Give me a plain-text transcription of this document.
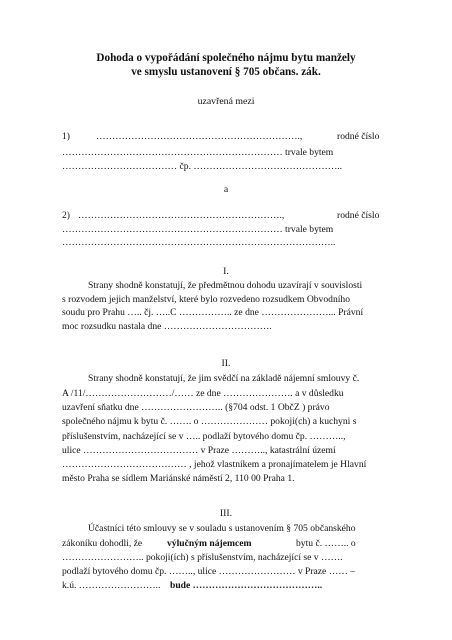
Dohoda o vypořádání společného nájmu bytu manžely
ve smyslu ustanovení § 705 občans. zák.
uzavřená mezi
1)	……………………………………………………….,	rodné číslo
…………………………………………………………… trvale bytem
……………………………… čp. ………………………………………..
a
2) ……………………………………………………….,	rodné číslo
…………………………………………………………… trvale bytem
…………………………………………………………………………..
I.
Strany shodně konstatují, že předmětnou dohodu uzavírají v souvislosti
s rozvodem jejich manželství, které bylo rozvedeno rozsudkem Obvodního
soudu pro Prahu ….. čj. …..C …………….. ze dne …………………... Právní
moc rozsudku nastala dne …………………………….
II.
Strany shodně konstatují, že jim svědčí na základě nájemní smlouvy č.
A /11/………………………/…… ze dne …………………. a v důsledku
uzavření sňatku dne …………………….. (§704 odst. 1 ObčZ ) právo
společného nájmu k bytu č. ……. o ………………… pokoji(ch) a kuchyni s
příslušenstvím, nacházející se v ….. podlaží bytového domu čp. ………..,
ulice ……………………………… v Praze ……….., katastrální území
………………………………… , jehož vlastníkem a pronajímatelem je Hlavní
město Praha se sídlem Mariánské náměstí 2, 110 00 Praha 1.
III.
Účastníci této smlouvy se v souladu s ustanovením § 705 občanského
zákoníku dohodli, že	výlučným nájemcem	bytu č. …….. o
…………………….. pokoji(ích) s příslušenstvím, nacházející se v …….
podlaží bytového domu čp. …….., ulice …………………… v Praze …… –
k.ú. …………………….. bude …………………………………..
